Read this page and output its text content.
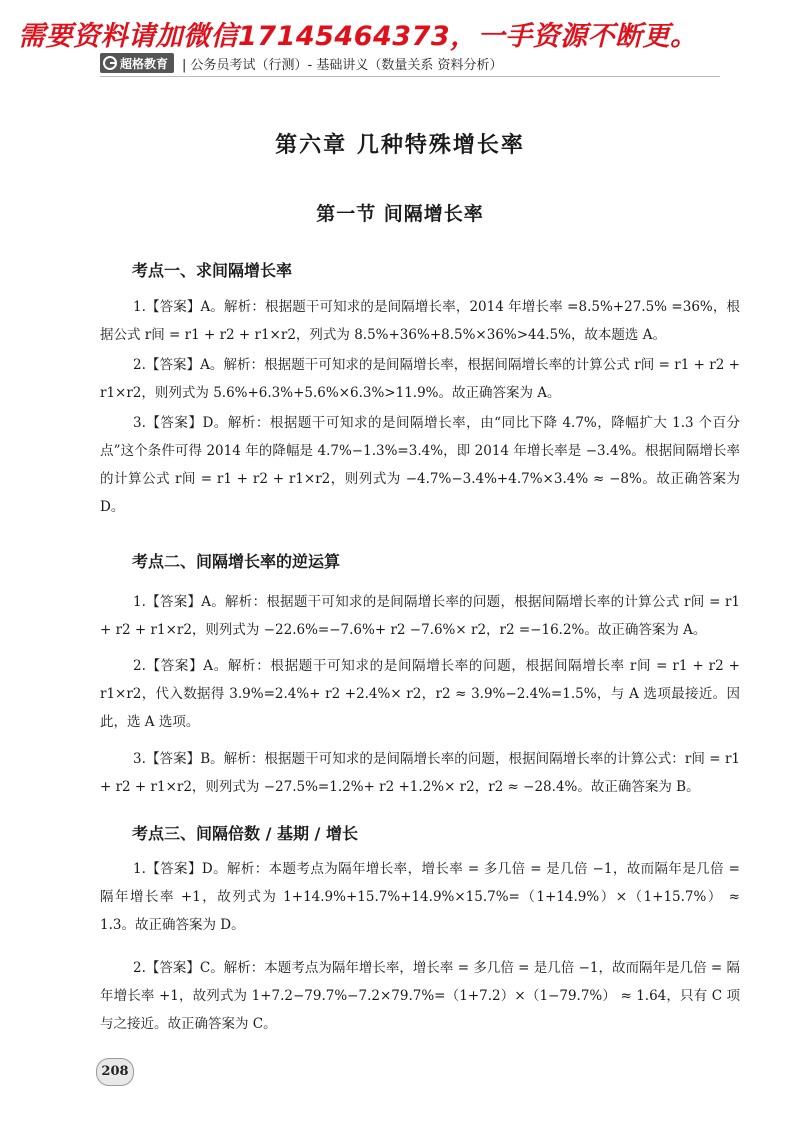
需要资料请加微信17145464373，一手资源不断更。
超格教育 | 公务员考试（行测）- 基础讲义（数量关系 资料分析）
第六章 几种特殊增长率
第一节 间隔增长率
考点一、求间隔增长率
1.【答案】A。解析：根据题干可知求的是间隔增长率，2014 年增长率 =8.5%+27.5% =36%，根据公式 r间 = r1 + r2 + r1×r2，列式为 8.5%+36%+8.5%×36%>44.5%，故本题选 A。
2.【答案】A。解析：根据题干可知求的是间隔增长率，根据间隔增长率的计算公式 r间 = r1 + r2 + r1×r2，则列式为 5.6%+6.3%+5.6%×6.3%>11.9%。故正确答案为 A。
3.【答案】D。解析：根据题干可知求的是间隔增长率，由“同比下降 4.7%，降幅扩大 1.3 个百分点”这个条件可得 2014 年的降幅是 4.7%−1.3%=3.4%，即 2014 年增长率是 −3.4%。根据间隔增长率的计算公式 r间 = r1 + r2 + r1×r2，则列式为 −4.7%−3.4%+4.7%×3.4% ≈ −8%。故正确答案为 D。
考点二、间隔增长率的逆运算
1.【答案】A。解析：根据题干可知求的是间隔增长率的问题，根据间隔增长率的计算公式 r间 = r1 + r2 + r1×r2，则列式为 −22.6%=−7.6%+ r2 −7.6%× r2，r2 =−16.2%。故正确答案为 A。
2.【答案】A。解析：根据题干可知求的是间隔增长率的问题，根据间隔增长率 r间 = r1 + r2 + r1×r2，代入数据得 3.9%=2.4%+ r2 +2.4%× r2，r2 ≈ 3.9%−2.4%=1.5%，与 A 选项最接近。因此，选 A 选项。
3.【答案】B。解析：根据题干可知求的是间隔增长率的问题，根据间隔增长率的计算公式：r间 = r1 + r2 + r1×r2，则列式为 −27.5%=1.2%+ r2 +1.2%× r2，r2 ≈ −28.4%。故正确答案为 B。
考点三、间隔倍数 / 基期 / 增长
1.【答案】D。解析：本题考点为隔年增长率，增长率 = 多几倍 = 是几倍 −1，故而隔年是几倍 = 隔年增长率 +1，故列式为 1+14.9%+15.7%+14.9%×15.7%=（1+14.9%）×（1+15.7%） ≈ 1.3。故正确答案为 D。
2.【答案】C。解析：本题考点为隔年增长率，增长率 = 多几倍 = 是几倍 −1，故而隔年是几倍 = 隔年增长率 +1，故列式为 1+7.2−79.7%−7.2×79.7%=（1+7.2）×（1−79.7%） ≈ 1.64，只有 C 项与之接近。故正确答案为 C。
208
